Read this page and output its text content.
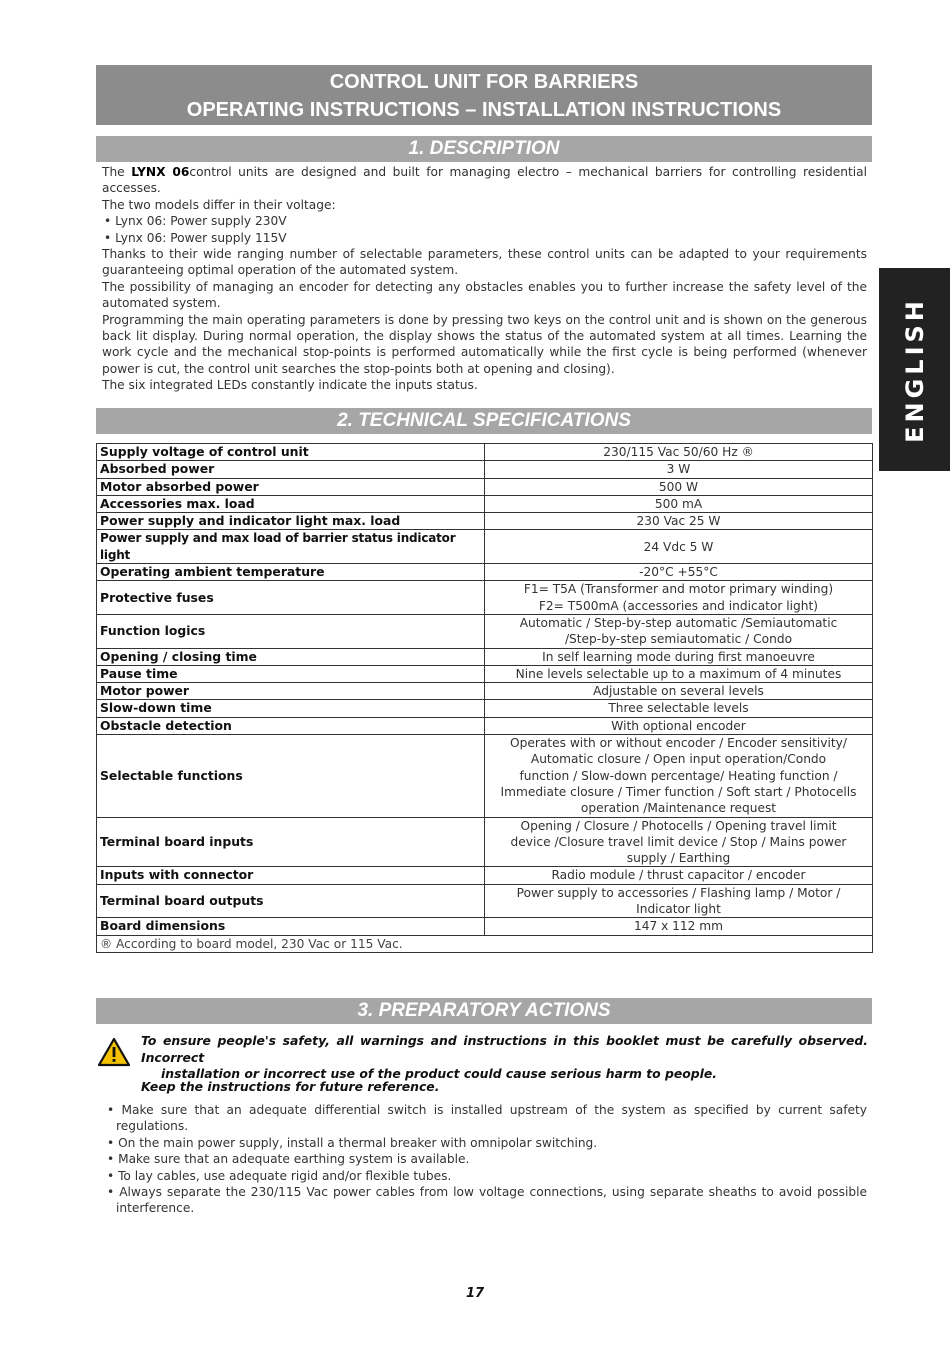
CONTROL UNIT FOR BARRIERS
OPERATING INSTRUCTIONS – INSTALLATION INSTRUCTIONS
ENGLISH
1. DESCRIPTION

The LYNX 06control units are designed and built for managing electro – mechanical barriers for controlling residential accesses.

The two models differ in their voltage:

• Lynx 06: Power supply 230V

• Lynx 06: Power supply 115V

Thanks to their wide ranging number of selectable parameters, these control units can be adapted to your requirements guaranteeing optimal operation of the automated system.

The possibility of managing an encoder for detecting any obstacles enables you to further increase the safety level of the automated system.

Programming the main operating parameters is done by pressing two keys on the control unit and is shown on the generous back lit display. During normal operation, the display shows the status of the automated system at all times. Learning the work cycle and the mechanical stop-points is performed automatically while the first cycle is being performed (whenever power is cut, the control unit searches the stop-points both at opening and closing).

The six integrated LEDs constantly indicate the inputs status.

2. TECHNICAL SPECIFICATIONS
Supply voltage of control unit	230/115 Vac 50/60 Hz ®
Absorbed power	3 W
Motor absorbed power	500 W
Accessories max. load	500 mA
Power supply and indicator light max. load	230 Vac 25 W
Power supply and max load of barrier status indicator light	24 Vdc 5 W
Operating ambient temperature	-20°C +55°C
Protective fuses	F1= T5A (Transformer and motor primary winding)
F2= T500mA (accessories and indicator light)

Function logics	Automatic / Step-by-step automatic /Semiautomatic
/Step-by-step semiautomatic / Condo

Opening / closing time	In self learning mode during first manoeuvre
Pause time	Nine levels selectable up to a maximum of 4 minutes
Motor power	Adjustable on several levels
Slow-down time	Three selectable levels
Obstacle detection	With optional encoder
Selectable functions	Operates with or without encoder / Encoder sensitivity/
Automatic closure / Open input operation/Condo
function / Slow-down percentage/ Heating function /
Immediate closure / Timer function / Soft start / Photocells
operation /Maintenance request

Terminal board inputs	Opening / Closure / Photocells / Opening travel limit
device /Closure travel limit device / Stop / Mains power
supply / Earthing

Inputs with connector	Radio module / thrust capacitor / encoder
Terminal board outputs	Power supply to accessories / Flashing lamp / Motor /
Indicator light

Board dimensions	147 x 112 mm
® According to board model, 230 Vac or 115 Vac.	
3. PREPARATORY ACTIONS
To ensure people's safety, all warnings and instructions in this booklet must be carefully observed. Incorrect
installation or incorrect use of the product could cause serious harm to people.
Keep the instructions for future reference.
• Make sure that an adequate differential switch is installed upstream of the system as specified by current safety regulations.
• On the main power supply, install a thermal breaker with omnipolar switching.
• Make sure that an adequate earthing system is available.
• To lay cables, use adequate rigid and/or flexible tubes.
• Always separate the 230/115 Vac power cables from low voltage connections, using separate sheaths to avoid possible interference.
17
